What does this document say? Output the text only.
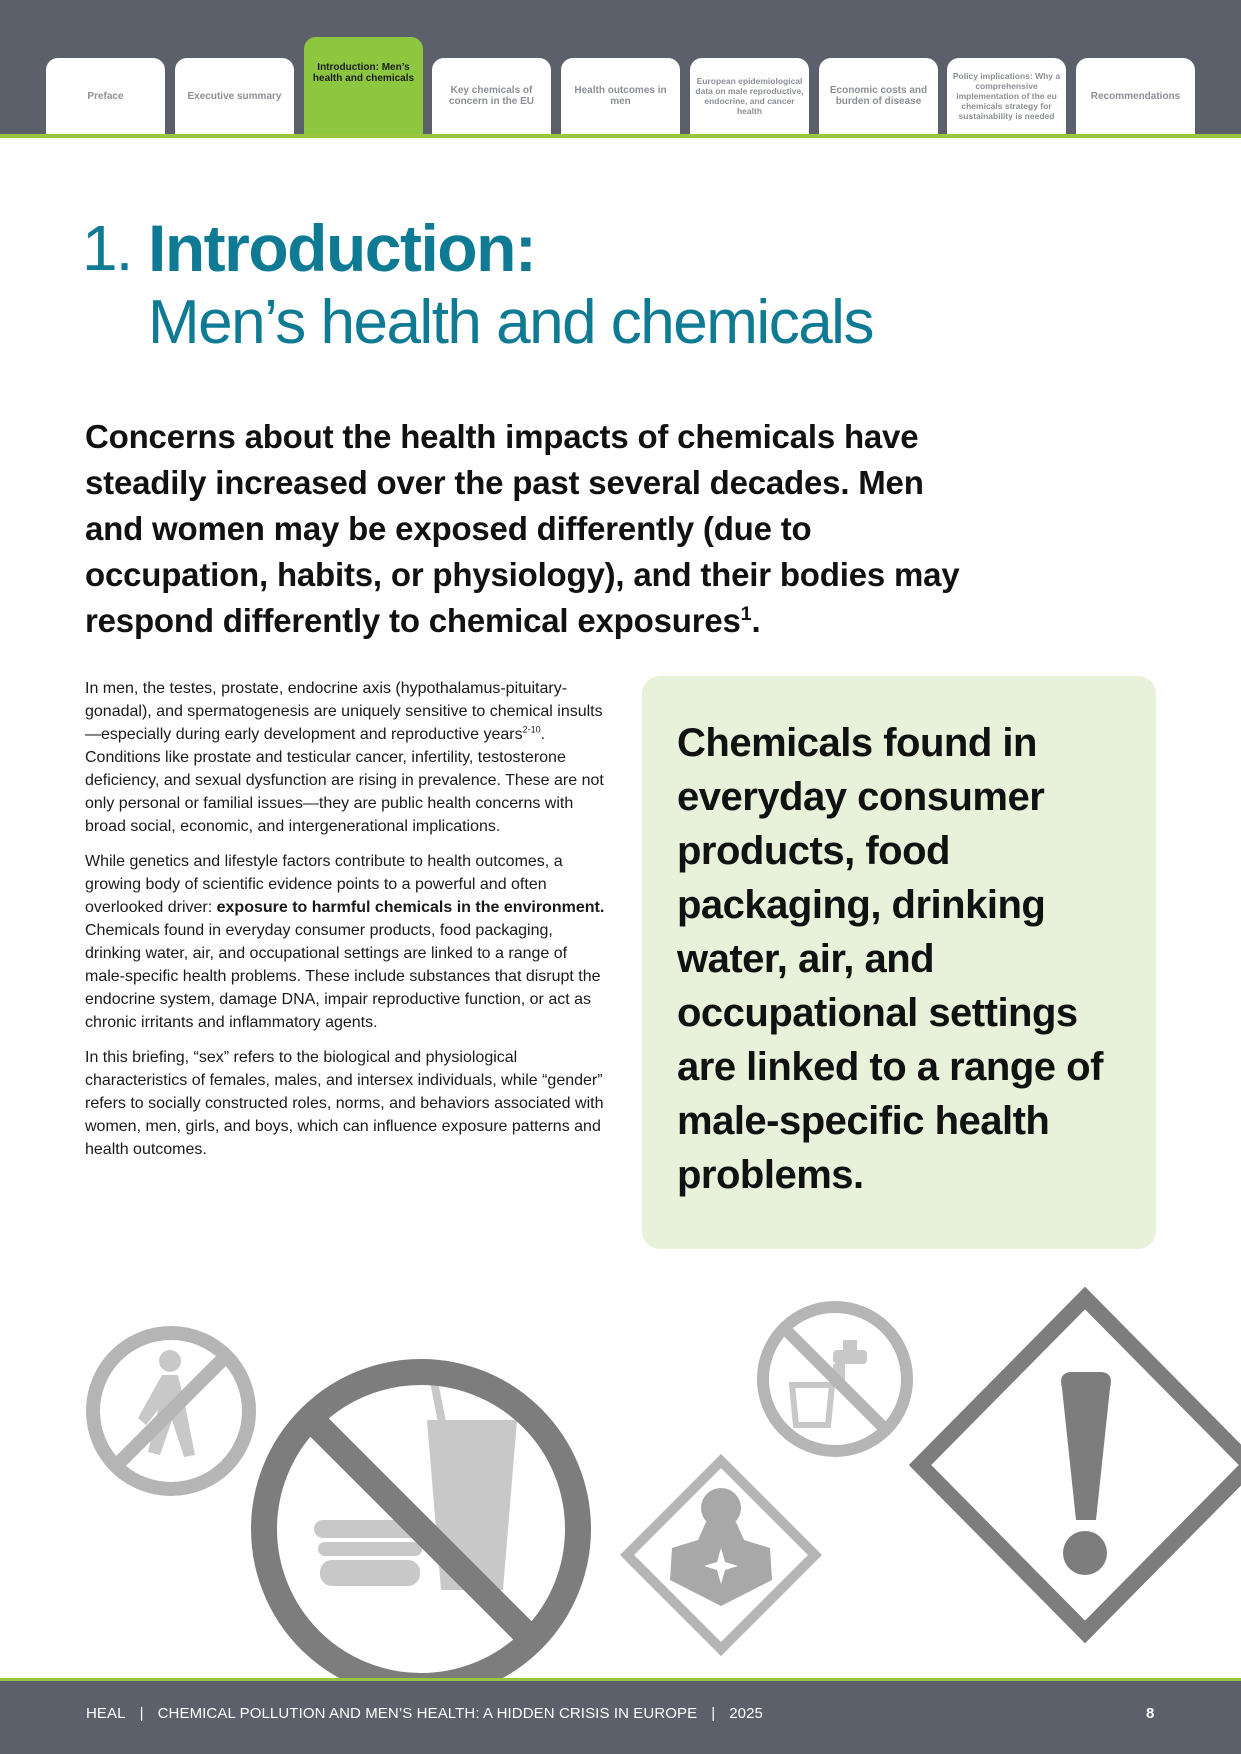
Preface	Executive summary
Introduction: Men’s health and chemicals
Key chemicals of concern in the EU
Health outcomes in men
European epidemiological data on male reproductive, endocrine, and cancer health
Economic costs and burden of disease
Policy implications: Why a comprehensive implementation of the eu chemicals strategy for sustainability is needed
Recommendations
1. Introduction:
Men’s health and chemicals
Concerns about the health impacts of chemicals have steadily increased over the past several decades. Men and women may be exposed differently (due to occupation, habits, or physiology), and their bodies may respond differently to chemical exposures$^1$.

In men, the testes, prostate, endocrine axis (hypothalamus-pituitary-gonadal), and spermatogenesis are uniquely sensitive to chemical insults—especially during early development and reproductive years$^{2-10}$. Conditions like prostate and testicular cancer, infertility, testosterone deficiency, and sexual dysfunction are rising in prevalence. These are not only personal or familial issues—they are public health concerns with broad social, economic, and intergenerational implications.

While genetics and lifestyle factors contribute to health outcomes, a growing body of scientific evidence points to a powerful and often overlooked driver: exposure to harmful chemicals in the environment. Chemicals found in everyday consumer products, food packaging, drinking water, air, and occupational settings are linked to a range of male-specific health problems. These include substances that disrupt the endocrine system, damage DNA, impair reproductive function, or act as chronic irritants and inflammatory agents.

In this briefing, “sex” refers to the biological and physiological characteristics of females, males, and intersex individuals, while “gender” refers to socially constructed roles, norms, and behaviors associated with women, men, girls, and boys, which can influence exposure patterns and health outcomes.

Chemicals found in everyday consumer products, food packaging, drinking water, air, and occupational settings are linked to a range of male-specific health problems.
HEAL | CHEMICAL POLLUTION AND MEN’S HEALTH: A HIDDEN CRISIS IN EUROPE | 2025	8
